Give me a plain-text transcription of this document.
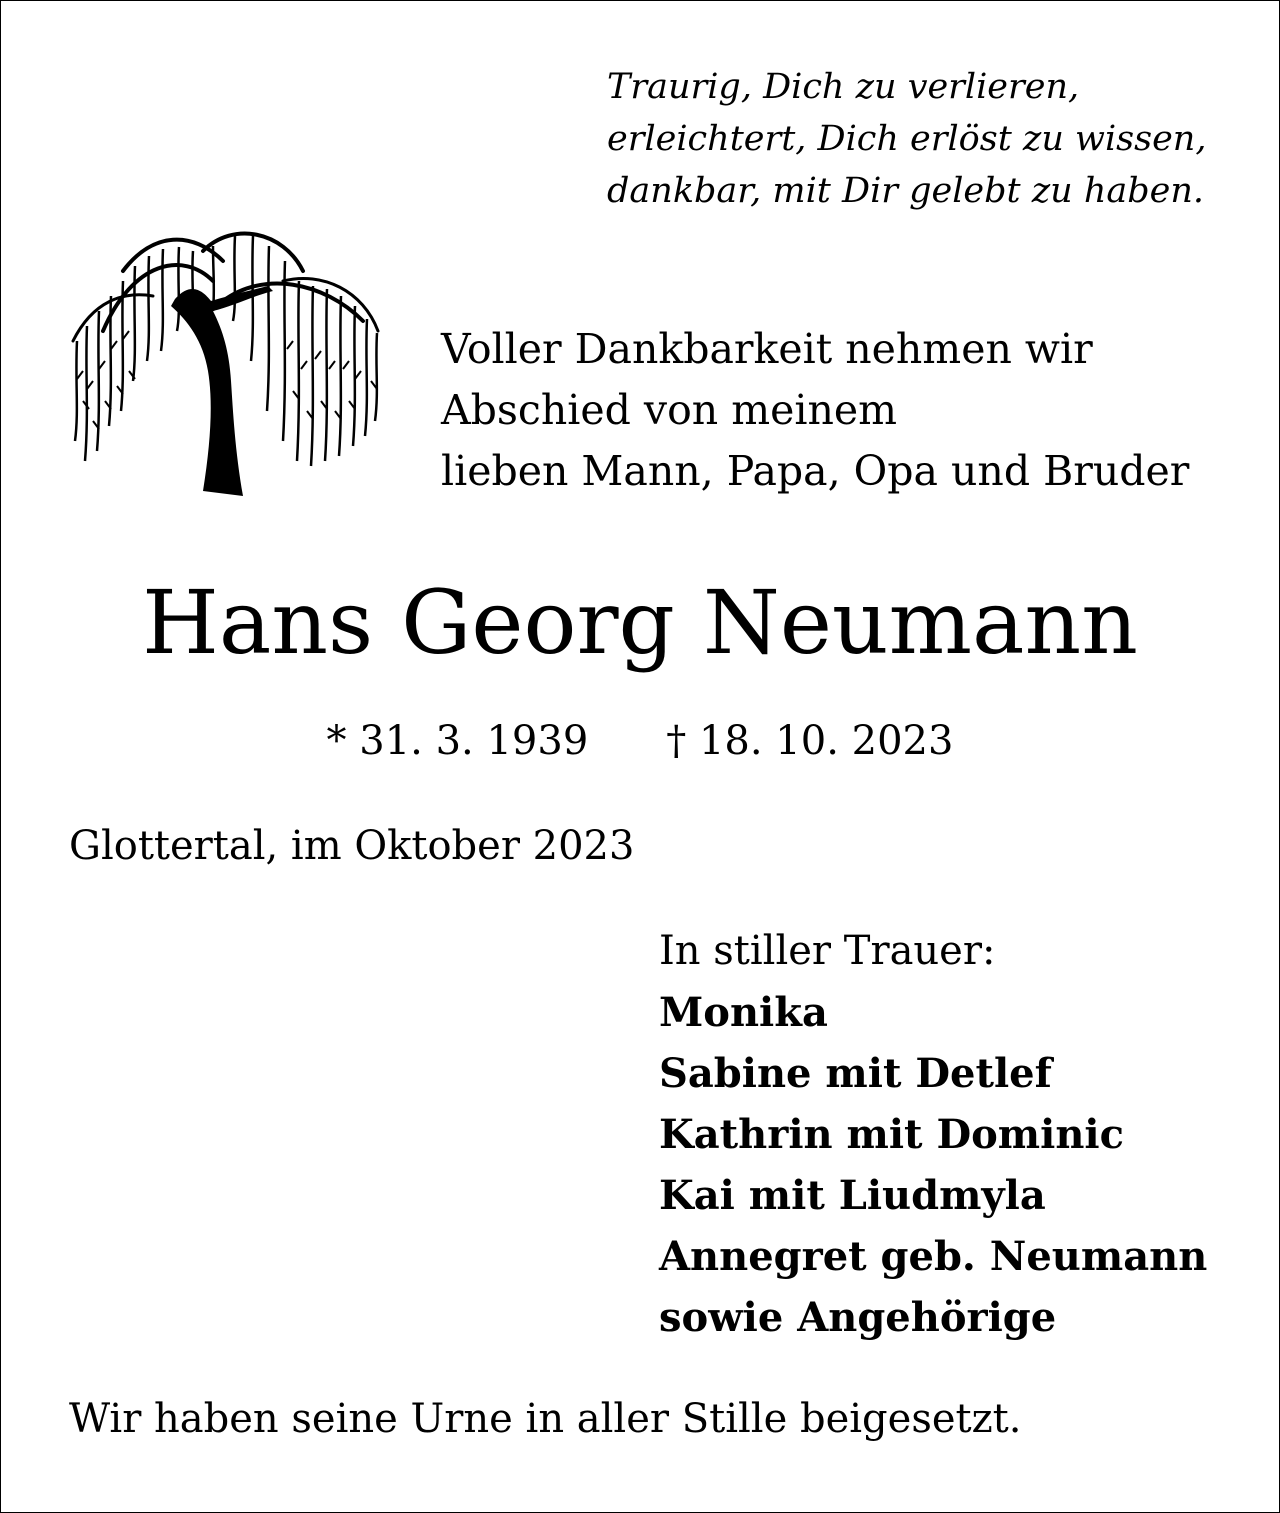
Traurig, Dich zu verlieren,
erleichtert, Dich erlöst zu wissen,
dankbar, mit Dir gelebt zu haben.
Voller Dankbarkeit nehmen wir
Abschied von meinem
lieben Mann, Papa, Opa und Bruder
Hans Georg Neumann
* 31. 3. 1939 † 18. 10. 2023
Glottertal, im Oktober 2023
In stiller Trauer:
Monika
Sabine mit Detlef
Kathrin mit Dominic
Kai mit Liudmyla
Annegret geb. Neumann
sowie Angehörige
Wir haben seine Urne in aller Stille beigesetzt.
